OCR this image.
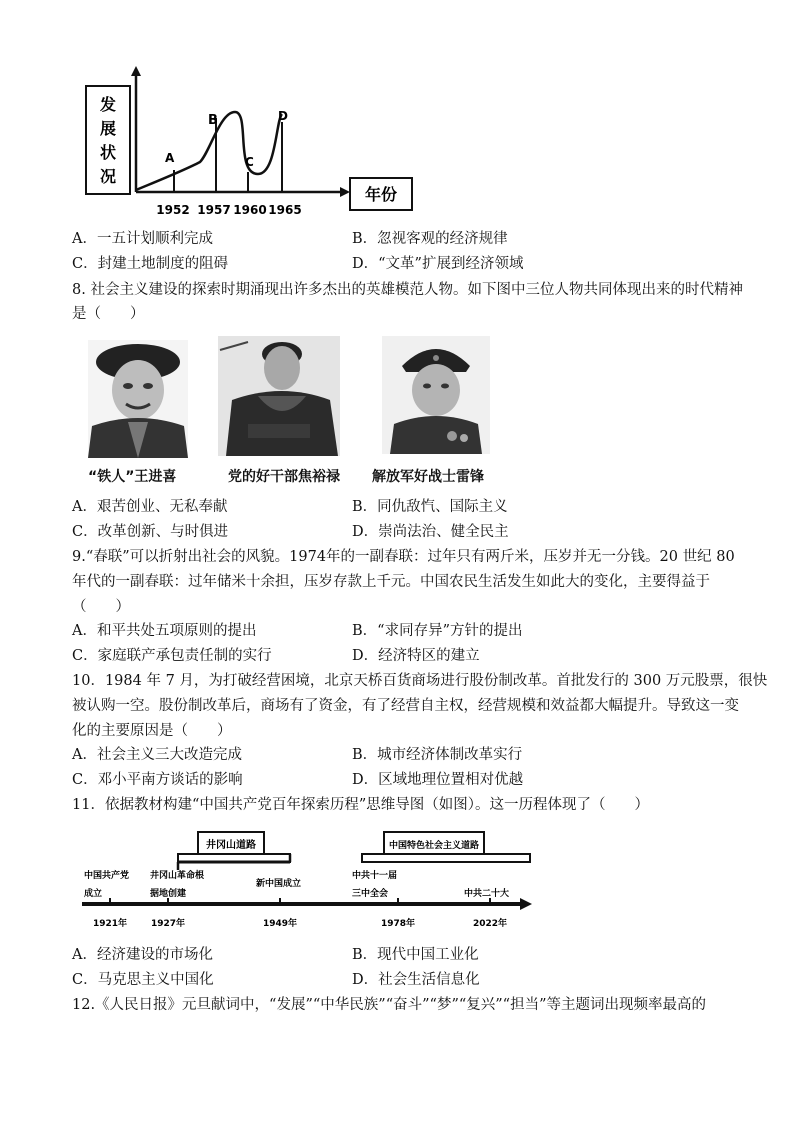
发
展
状
况
年份
A
B
C
D
1952 1957 1960 1965
A．一五计划顺利完成	B．忽视客观的经济规律
C．封建土地制度的阻碍	D．“文革”扩展到经济领域
8. 社会主义建设的探索时期涌现出许多杰出的英雄模范人物。如下图中三位人物共同体现出来的时代精神
是（　　）
“铁人”王进喜	党的好干部焦裕禄 解放军好战士雷锋
A．艰苦创业、无私奉献	B．同仇敌忾、国际主义
C．改革创新、与时俱进	D．崇尚法治、健全民主
9.“春联”可以折射出社会的风貌。1974年的一副春联：过年只有两斤米，压岁并无一分钱。20 世纪 80
年代的一副春联：过年储米十余担，压岁存款上千元。中国农民生活发生如此大的变化，主要得益于
（　　）
A．和平共处五项原则的提出	B．“求同存异”方针的提出
C．家庭联产承包责任制的实行	D．经济特区的建立
10．1984 年 7 月，为打破经营困境，北京天桥百货商场进行股份制改革。首批发行的 300 万元股票，很快
被认购一空。股份制改革后，商场有了资金，有了经营自主权，经营规模和效益都大幅提升。导致这一变
化的主要原因是（　　）
A．社会主义三大改造完成	B．城市经济体制改革实行
C．邓小平南方谈话的影响	D．区域地理位置相对优越
11．依据教材构建“中国共产党百年探索历程”思维导图（如图）。这一历程体现了（　　）
井冈山道路	中国特色社会主义道路
中国共产党
成立
井冈山革命根
据地创建
新中国成立
中共十一届
三中全会	中共二十大
1921年	1927年	1949年	1978年	2022年
A．经济建设的市场化	B．现代中国工业化
C．马克思主义中国化	D．社会生活信息化
12.《人民日报》元旦献词中，“发展”“中华民族”“奋斗”“梦”“复兴”“担当”等主题词出现频率最高的
